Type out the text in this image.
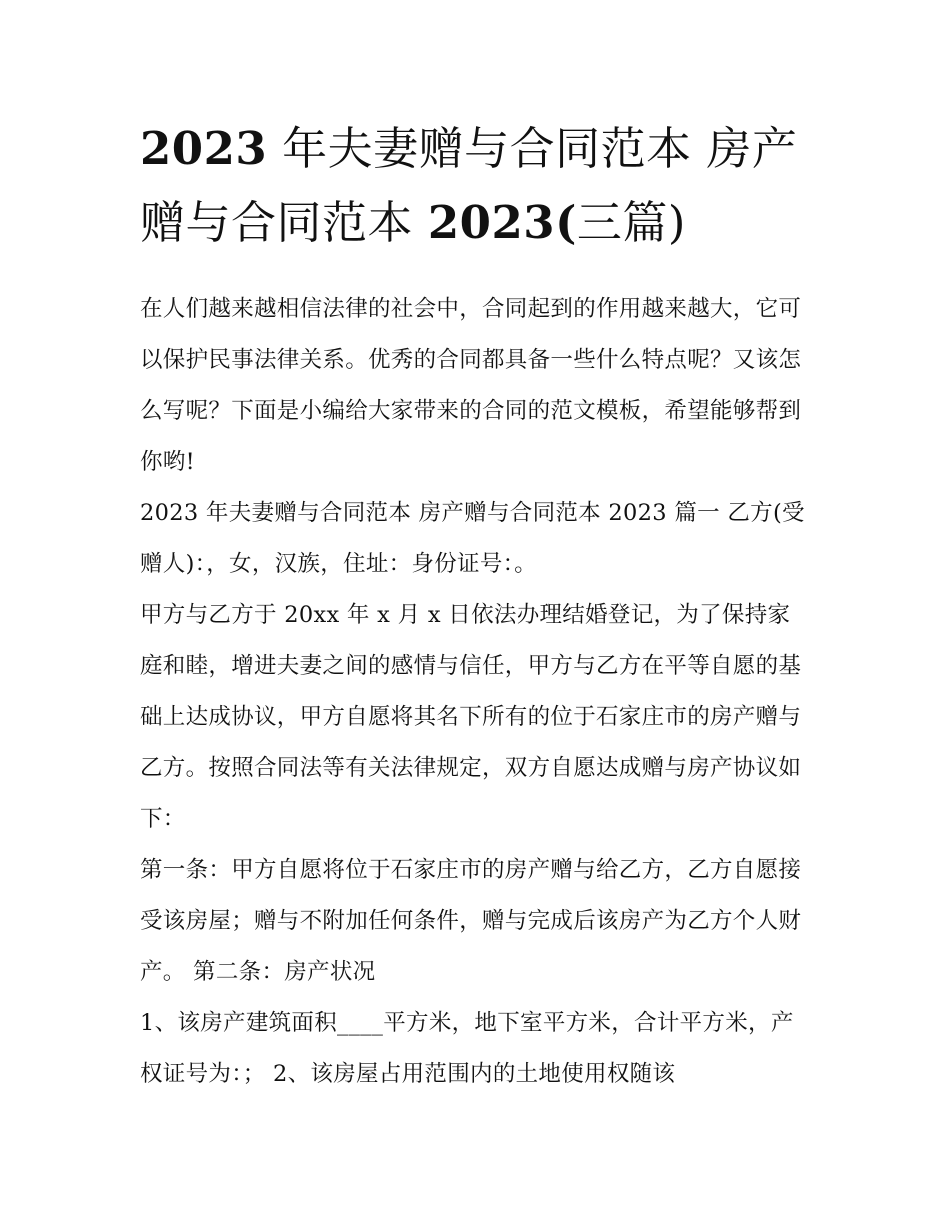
2023 年夫妻赠与合同范本 房产赠与合同范本 2023(三篇)

在人们越来越相信法律的社会中，合同起到的作用越来越大，它可以保护民事法律关系。优秀的合同都具备一些什么特点呢？又该怎么写呢？下面是小编给大家带来的合同的范文模板，希望能够帮到你哟!

2023 年夫妻赠与合同范本 房产赠与合同范本 2023 篇一 乙方(受赠人)：，女，汉族，住址：身份证号：。

甲方与乙方于 20xx 年 x 月 x 日依法办理结婚登记，为了保持家庭和睦，增进夫妻之间的感情与信任，甲方与乙方在平等自愿的基础上达成协议，甲方自愿将其名下所有的位于石家庄市的房产赠与乙方。按照合同法等有关法律规定，双方自愿达成赠与房产协议如下：

第一条：甲方自愿将位于石家庄市的房产赠与给乙方，乙方自愿接受该房屋；赠与不附加任何条件，赠与完成后该房产为乙方个人财产。 第二条：房产状况

1、该房产建筑面积____平方米，地下室平方米，合计平方米，产权证号为：； 2、该房屋占用范围内的土地使用权随该
